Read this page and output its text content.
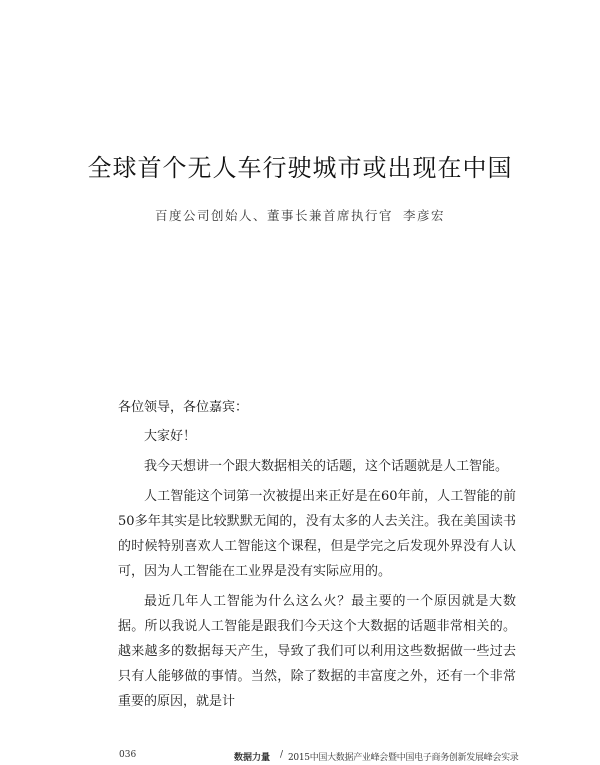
全球首个无人车行驶城市或出现在中国
百度公司创始人、董事长兼首席执行官 李彦宏

各位领导，各位嘉宾：

大家好！

我今天想讲一个跟大数据相关的话题，这个话题就是人工智能。

人工智能这个词第一次被提出来正好是在60年前，人工智能的前50多年其实是比较默默无闻的，没有太多的人去关注。我在美国读书的时候特别喜欢人工智能这个课程，但是学完之后发现外界没有人认可，因为人工智能在工业界是没有实际应用的。

最近几年人工智能为什么这么火？最主要的一个原因就是大数据。所以我说人工智能是跟我们今天这个大数据的话题非常相关的。越来越多的数据每天产生，导致了我们可以利用这些数据做一些过去只有人能够做的事情。当然，除了数据的丰富度之外，还有一个非常重要的原因，就是计

036	数据力量 / 2015中国大数据产业峰会暨中国电子商务创新发展峰会实录
